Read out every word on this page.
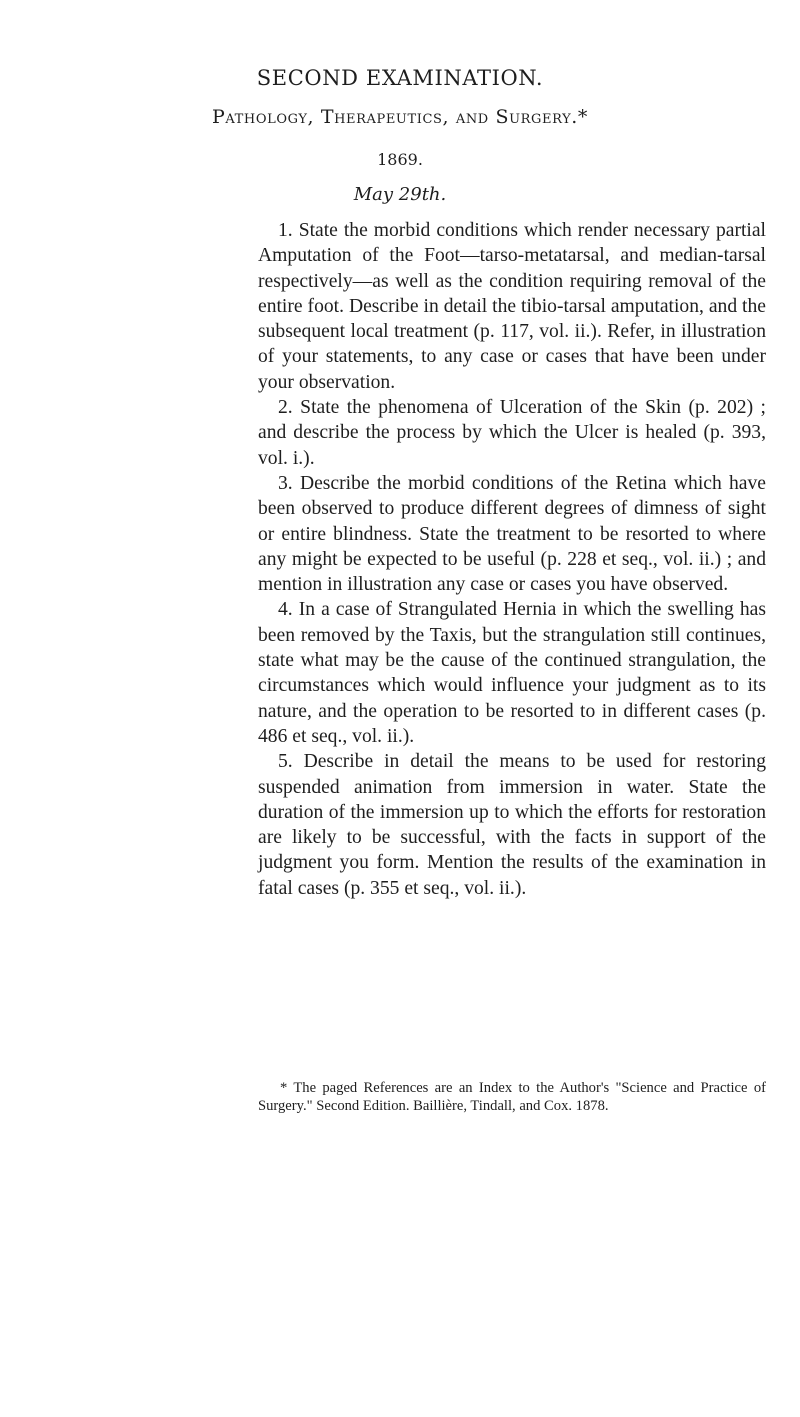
SECOND EXAMINATION.
Pathology, Therapeutics, and Surgery.*
1869.
May 29th.

1. State the morbid conditions which render necessary partial Amputation of the Foot—tarso-metatarsal, and median-tarsal respectively—as well as the condition requiring removal of the entire foot. Describe in detail the tibio-tarsal amputation, and the subsequent local treatment (p. 117, vol. ii.). Refer, in illustration of your statements, to any case or cases that have been under your observation.

2. State the phenomena of Ulceration of the Skin (p. 202) ; and describe the process by which the Ulcer is healed (p. 393, vol. i.).

3. Describe the morbid conditions of the Retina which have been observed to produce different degrees of dimness of sight or entire blindness. State the treatment to be resorted to where any might be expected to be useful (p. 228 et seq., vol. ii.) ; and mention in illustration any case or cases you have observed.

4. In a case of Strangulated Hernia in which the swelling has been removed by the Taxis, but the strangulation still continues, state what may be the cause of the continued strangulation, the circumstances which would influence your judgment as to its nature, and the operation to be resorted to in different cases (p. 486 et seq., vol. ii.).

5. Describe in detail the means to be used for restoring suspended animation from immersion in water. State the duration of the immersion up to which the efforts for restoration are likely to be successful, with the facts in support of the judgment you form. Mention the results of the examination in fatal cases (p. 355 et seq., vol. ii.).

* The paged References are an Index to the Author's "Science and Practice of Surgery." Second Edition. Baillière, Tindall, and Cox. 1878.
